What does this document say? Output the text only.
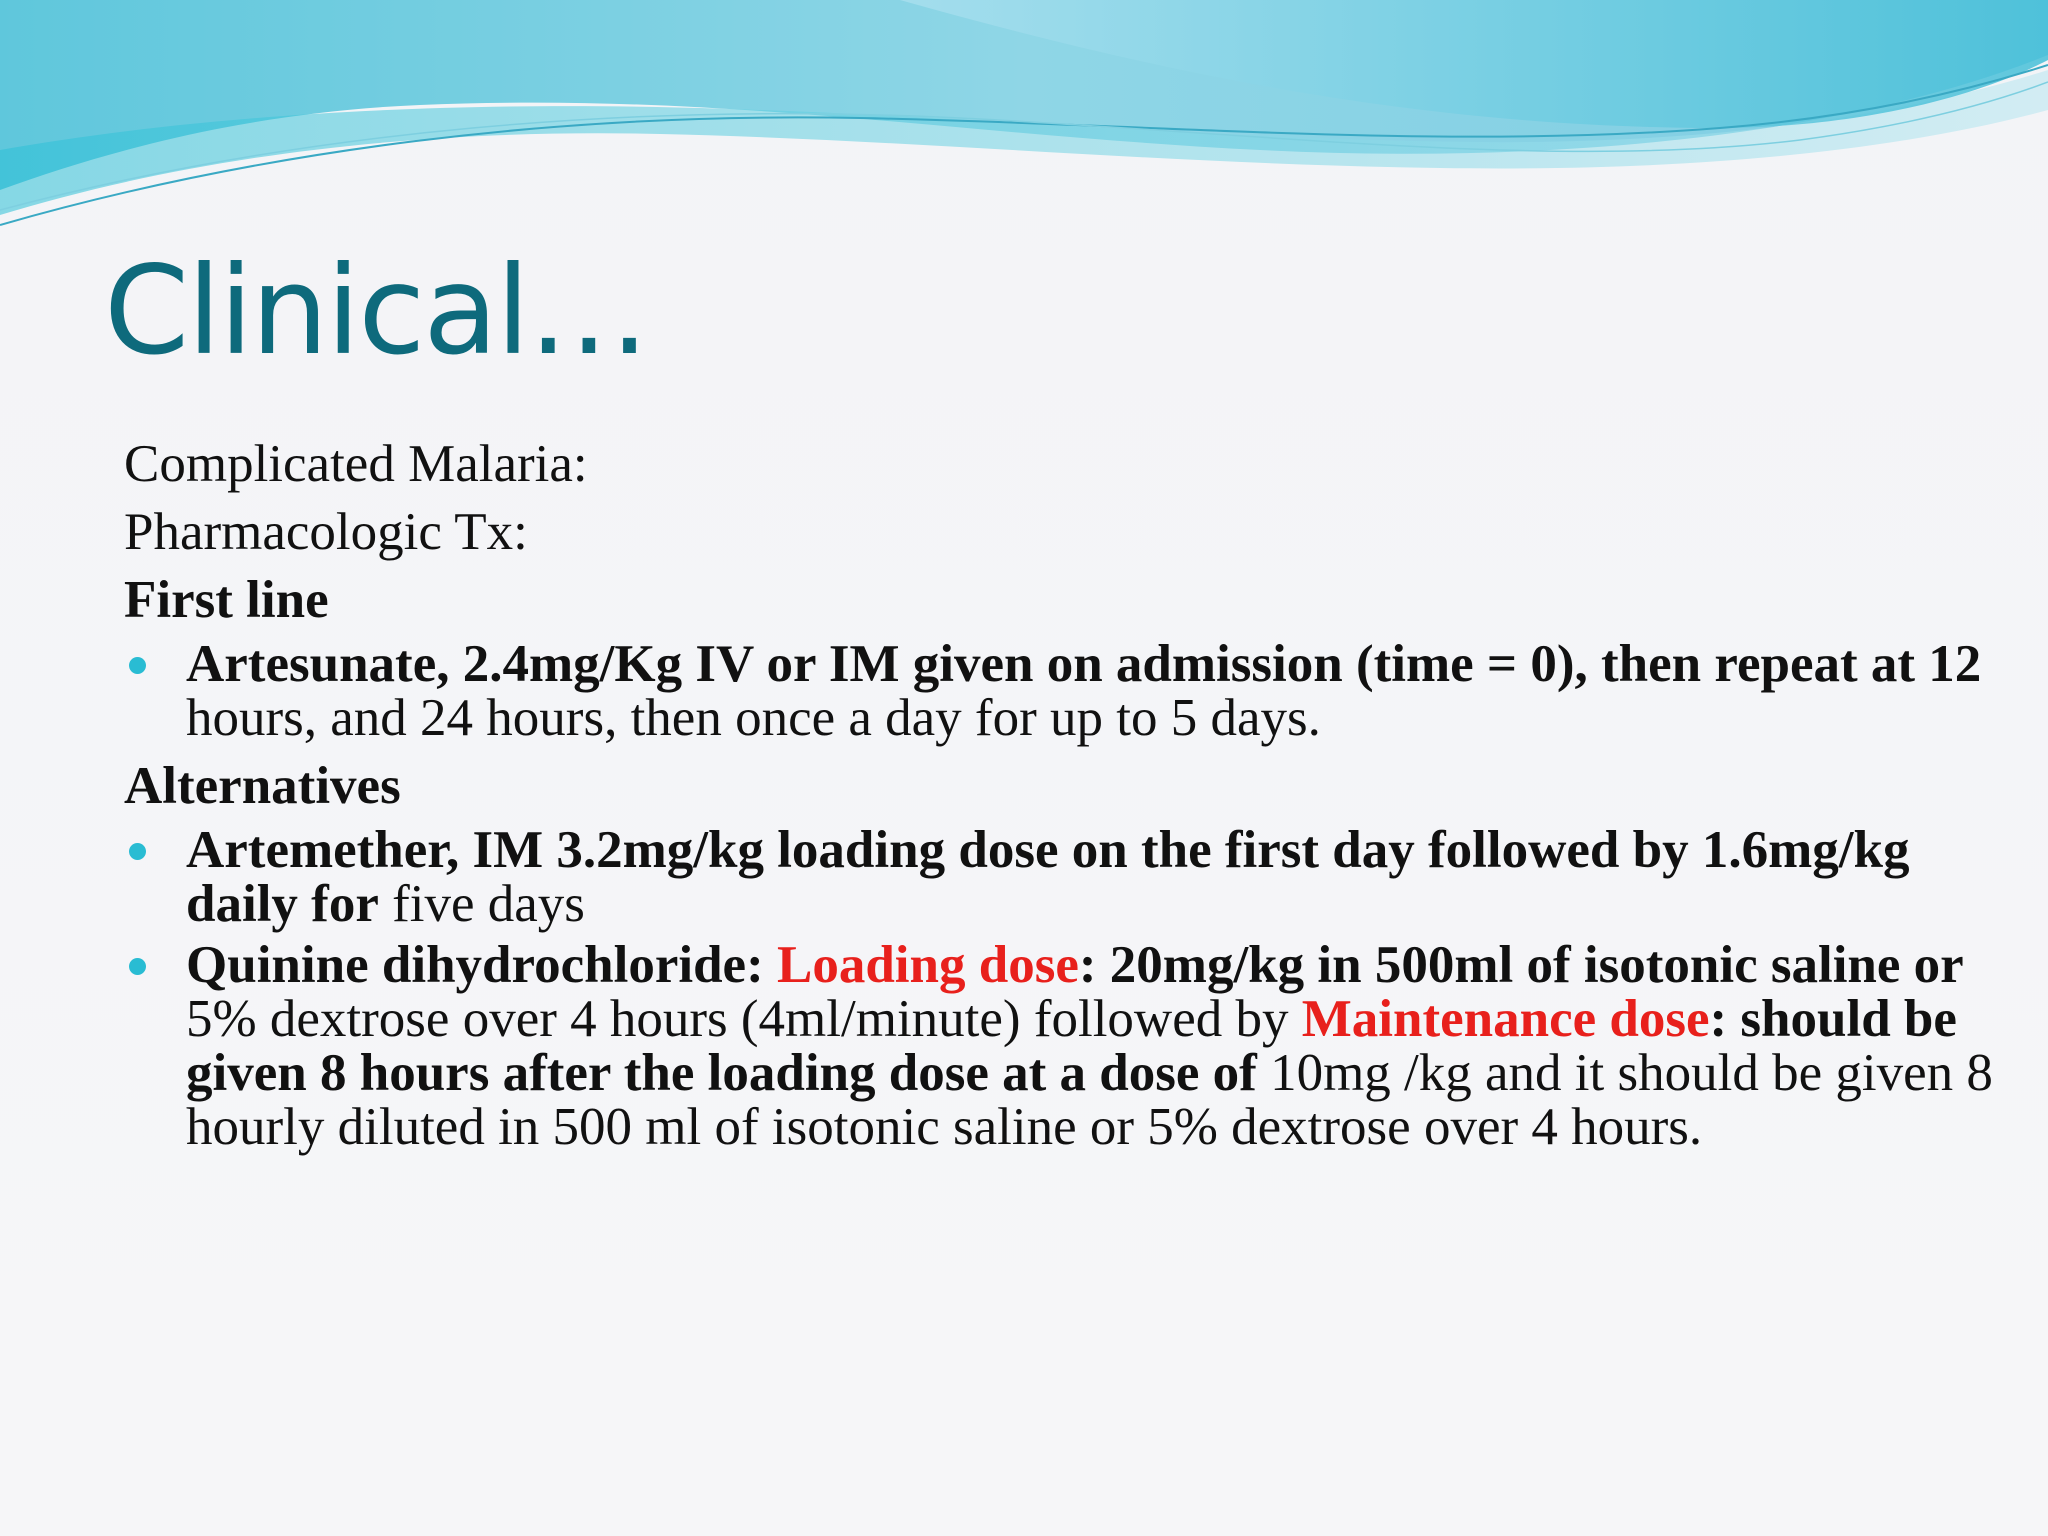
Clinical…

Complicated Malaria:

Pharmacologic Tx:

First line

Artesunate, 2.4mg/Kg IV or IM given on admission (time = 0), then repeat at 12 hours, and 24 hours, then once a day for up to 5 days.

Alternatives

Artemether, IM 3.2mg/kg loading dose on the first day followed by 1.6mg/kg daily for five days
Quinine dihydrochloride: Loading dose: 20mg/kg in 500ml of isotonic saline or 5% dextrose over 4 hours (4ml/minute) followed by Maintenance dose: should be given 8 hours after the loading dose at a dose of 10mg /kg and it should be given 8 hourly diluted in 500 ml of isotonic saline or 5% dextrose over 4 hours.
